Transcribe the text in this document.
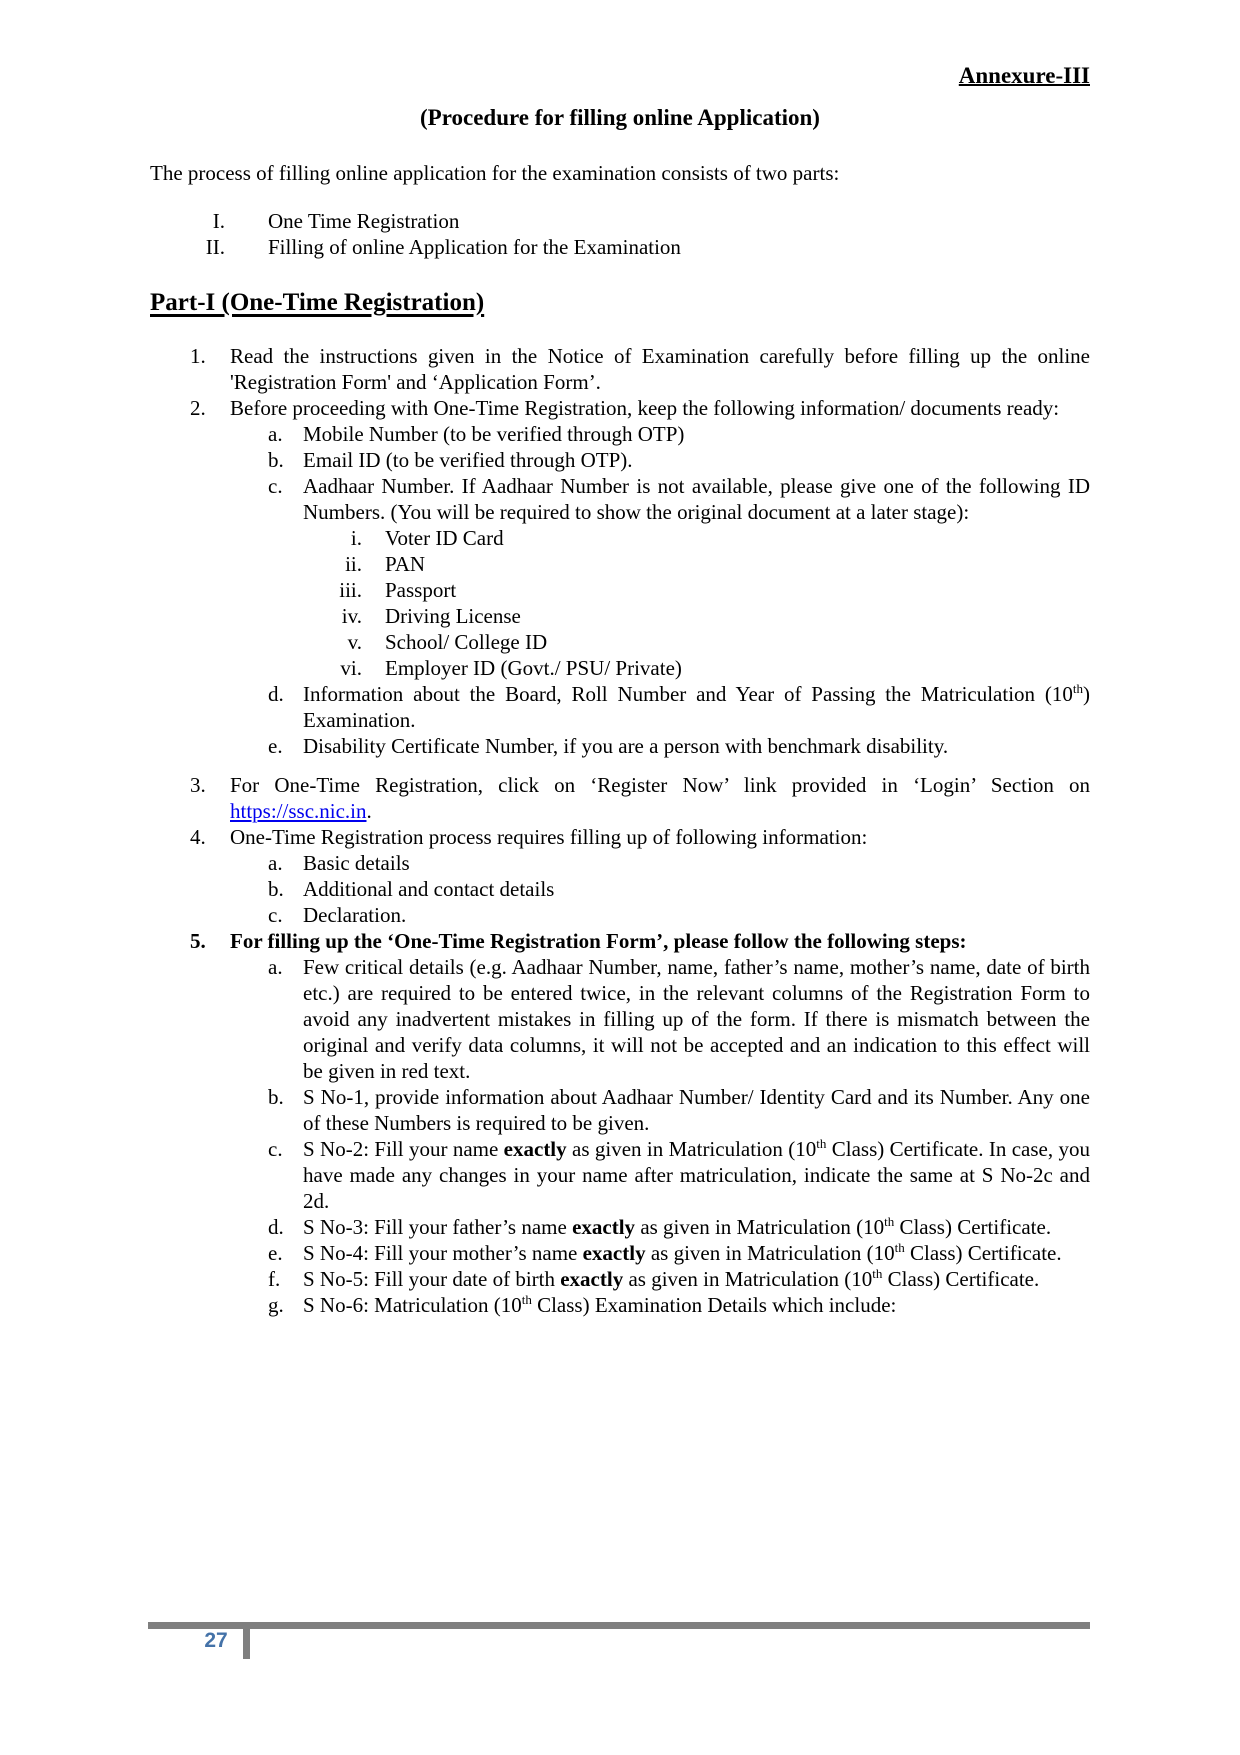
Annexure-III
(Procedure for filling online Application)
The process of filling online application for the examination consists of two parts:
I.	One Time Registration
II.	Filling of online Application for the Examination
Part-I (One-Time Registration)
1.	Read the instructions given in the Notice of Examination carefully before filling up the online 'Registration Form' and ‘Application Form’.
2.	Before proceeding with One-Time Registration, keep the following information/ documents ready:
a. Mobile Number (to be verified through OTP)
b. Email ID (to be verified through OTP).
c. Aadhaar Number. If Aadhaar Number is not available, please give one of the following ID Numbers. (You will be required to show the original document at a later stage):
i. Voter ID Card
ii. PAN
iii. Passport
iv. Driving License
v. School/ College ID
vi. Employer ID (Govt./ PSU/ Private)
d. Information about the Board, Roll Number and Year of Passing the Matriculation (10th) Examination.
e. Disability Certificate Number, if you are a person with benchmark disability.
3.	For One-Time Registration, click on ‘Register Now’ link provided in ‘Login’ Section on https://ssc.nic.in.
4.	One-Time Registration process requires filling up of following information:
a. Basic details
b. Additional and contact details
c. Declaration.
5.	For filling up the ‘One-Time Registration Form’, please follow the following steps:
a. Few critical details (e.g. Aadhaar Number, name, father’s name, mother’s name, date of birth etc.) are required to be entered twice, in the relevant columns of the Registration Form to avoid any inadvertent mistakes in filling up of the form. If there is mismatch between the original and verify data columns, it will not be accepted and an indication to this effect will be given in red text.
b. S No-1, provide information about Aadhaar Number/ Identity Card and its Number. Any one of these Numbers is required to be given.
c. S No-2: Fill your name exactly as given in Matriculation (10th Class) Certificate. In case, you have made any changes in your name after matriculation, indicate the same at S No-2c and 2d.
d. S No-3: Fill your father’s name exactly as given in Matriculation (10th Class) Certificate.
e. S No-4: Fill your mother’s name exactly as given in Matriculation (10th Class) Certificate.
f.	S No-5: Fill your date of birth exactly as given in Matriculation (10th Class) Certificate.
g. S No-6: Matriculation (10th Class) Examination Details which include:
27
